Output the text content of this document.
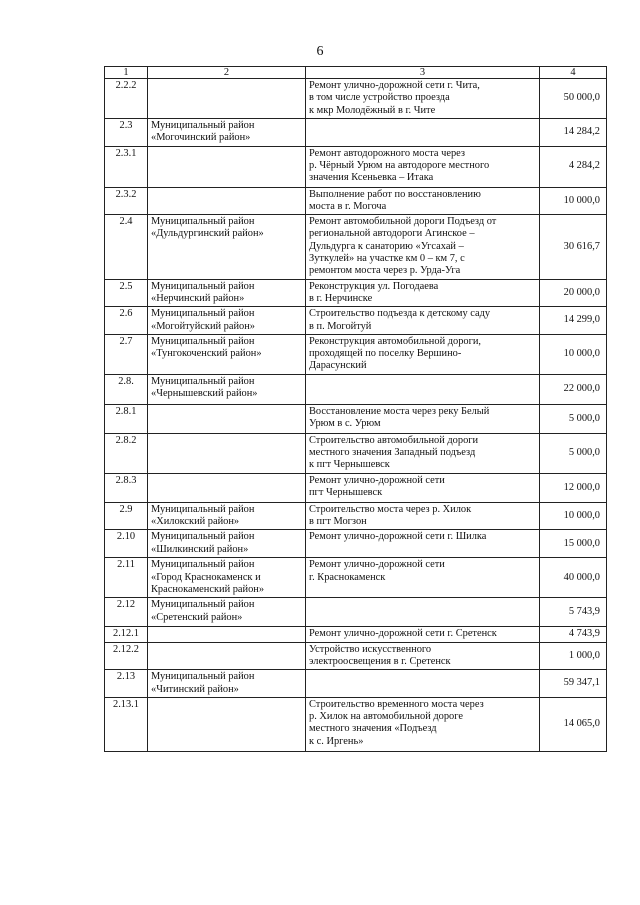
6
1	2	3	4
2.2.2		Ремонт улично-дорожной сети г. Чита,
в том числе устройство проезда
к мкр Молодёжный в г. Чите	50 000,0
2.3	Муниципальный район
«Могочинский район»		14 284,2
2.3.1		Ремонт автодорожного моста через
р. Чёрный Урюм на автодороге местного
значения Ксеньевка – Итака	4 284,2
2.3.2		Выполнение работ по восстановлению
моста в г. Могоча	10 000,0
2.4	Муниципальный район
«Дульдургинский район»	Ремонт автомобильной дороги Подъезд от
региональной автодороги Агинское –
Дульдурга к санаторию «Угсахай –
Зуткулей» на участке км 0 – км 7, с
ремонтом моста через р. Урда-Уга	30 616,7
2.5	Муниципальный район
«Нерчинский район»	Реконструкция ул. Погодаева
в г. Нерчинске	20 000,0
2.6	Муниципальный район
«Могойтуйский район»	Строительство подъезда к детскому саду
в п. Могойтуй	14 299,0
2.7	Муниципальный район
«Тунгокоченский район»	Реконструкция автомобильной дороги,
проходящей по поселку Вершино-
Дарасунский	10 000,0
2.8.	Муниципальный район
«Чернышевский район»		22 000,0
2.8.1		Восстановление моста через реку Белый
Урюм в с. Урюм	5 000,0
2.8.2		Строительство автомобильной дороги
местного значения Западный подъезд
к пгт Чернышевск	5 000,0
2.8.3		Ремонт улично-дорожной сети
пгт Чернышевск	12 000,0
2.9	Муниципальный район
«Хилокский район»	Строительство моста через р. Хилок
в пгт Могзон	10 000,0
2.10	Муниципальный район
«Шилкинский район»	Ремонт улично-дорожной сети г. Шилка	15 000,0
2.11	Муниципальный район
«Город Краснокаменск и
Краснокаменский район»	Ремонт улично-дорожной сети
г. Краснокаменск	40 000,0
2.12	Муниципальный район
«Сретенский район»		5 743,9
2.12.1		Ремонт улично-дорожной сети г. Сретенск	4 743,9
2.12.2		Устройство искусственного
электроосвещения в г. Сретенск	1 000,0
2.13	Муниципальный район
«Читинский район»		59 347,1
2.13.1		Строительство временного моста через
р. Хилок на автомобильной дороге
местного значения «Подъезд
к с. Иргень»	14 065,0
